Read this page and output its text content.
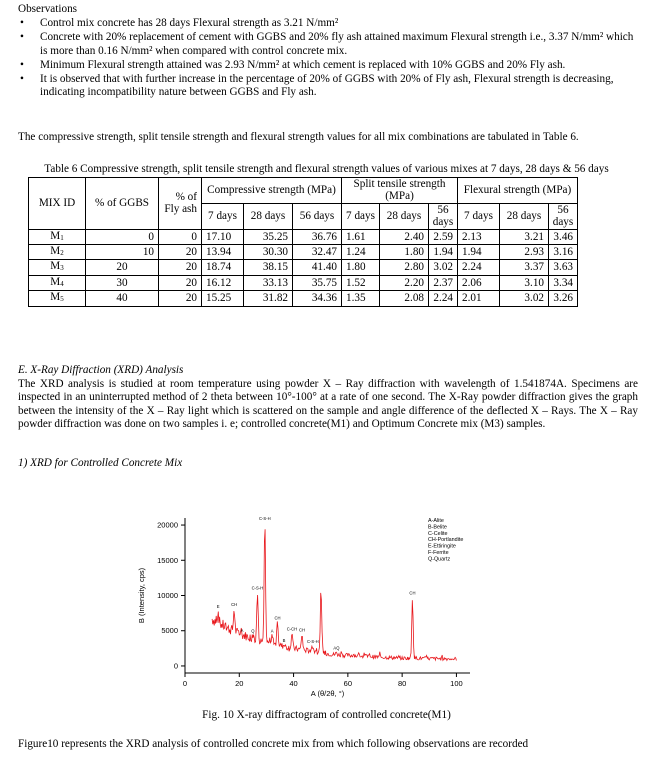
Observations
• Control mix concrete has 28 days Flexural strength as 3.21 N/mm²
• Concrete with 20% replacement of cement with GGBS and 20% fly ash attained maximum Flexural strength i.e., 3.37 N/mm² which is more than 0.16 N/mm² when compared with control concrete mix.
• Minimum Flexural strength attained was 2.93 N/mm² at which cement is replaced with 10% GGBS and 20% Fly ash.
• It is observed that with further increase in the percentage of 20% of GGBS with 20% of Fly ash, Flexural strength is decreasing, indicating incompatibility nature between GGBS and Fly ash.
The compressive strength, split tensile strength and flexural strength values for all mix combinations are tabulated in Table 6.
Table 6 Compressive strength, split tensile strength and flexural strength values of various mixes at 7 days, 28 days & 56 days
MIX ID	% of GGBS	% of Fly ash	Compressive strength (MPa)			Split tensile strength (MPa)			Flexural strength (MPa)		
			7 days	28 days	56 days	7 days	28 days	56 days	7 days	28 days	56 days

$M_1$	0	0	17.10	35.25	36.76	1.61	2.40	2.59	2.13	3.21	3.46
$M_2$	10	20	13.94	30.30	32.47	1.24	1.80	1.94	1.94	2.93	3.16
$M_3$	20	20	18.74	38.15	41.40	1.80	2.80	3.02	2.24	3.37	3.63
$M_4$	30	20	16.12	33.13	35.75	1.52	2.20	2.37	2.06	3.10	3.34
$M_5$	40	20	15.25	31.82	34.36	1.35	2.08	2.24	2.01	3.02	3.26
E. X-Ray Diffraction (XRD) Analysis
The XRD analysis is studied at room temperature using powder X – Ray diffraction with wavelength of 1.541874A. Specimens are inspected in an uninterrupted method of 2 theta between 10°-100° at a rate of one second. The X-Ray powder diffraction gives the graph between the intensity of the X – Ray light which is scattered on the sample and angle difference of the deflected X – Rays. The X – Ray powder diffraction was done on two samples i. e; controlled concrete(M1) and Optimum Concrete mix (M3) samples.
1) XRD for Controlled Concrete Mix
0	20	40	60	80	100
0
5000
10000
15000
20000
A (θ/2θ, °)
B (Intensity, cps)	E	CH
A Q
C-S-H
C-S-H
A
CH
B
C-CH CH
C-S-H
AQ
CH
A-Alite
B-Belite
C-Celite
CH-Portlandite
E-Ettiringite
F-Ferrite
Q-Quartz
Fig. 10 X-ray diffractogram of controlled concrete(M1)
Figure10 represents the XRD analysis of controlled concrete mix from which following observations are recorded
